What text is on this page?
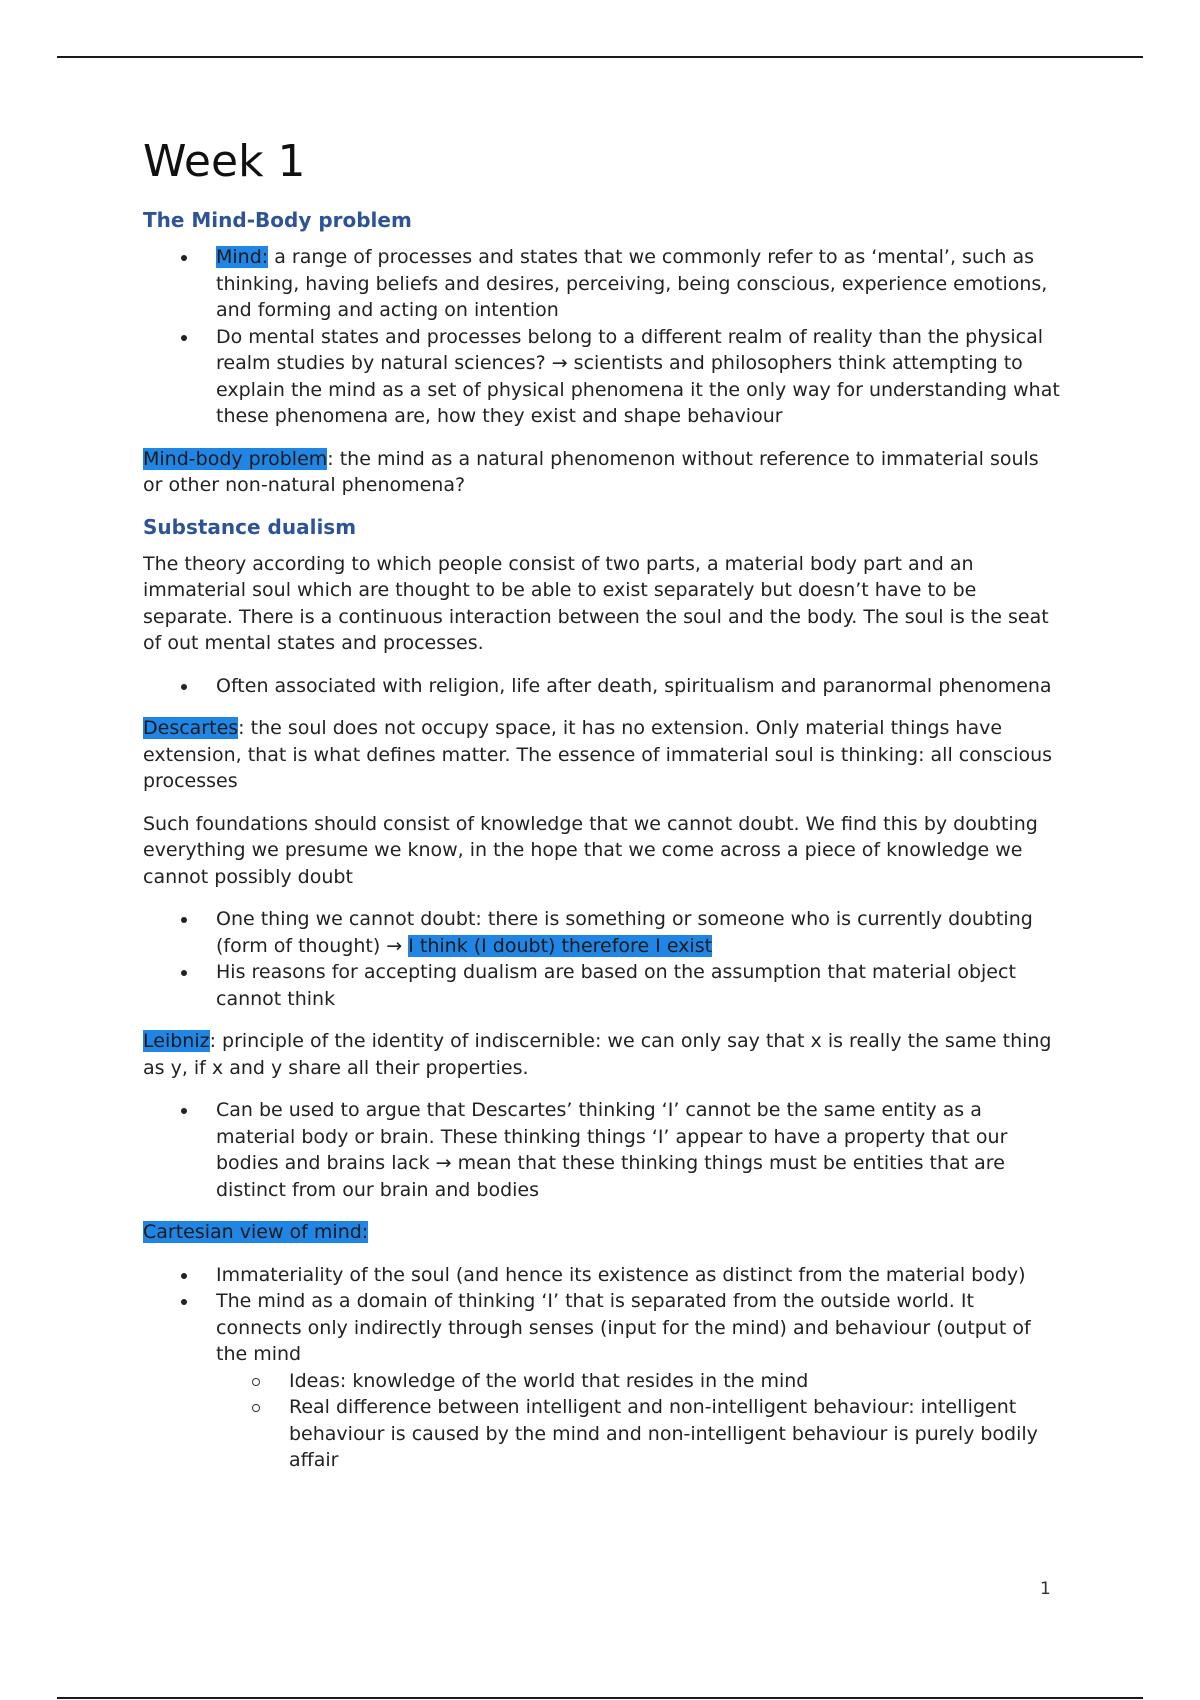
Week 1
The Mind-Body problem
Mind: a range of processes and states that we commonly refer to as ‘mental’, such as thinking, having beliefs and desires, perceiving, being conscious, experience emotions, and forming and acting on intention
Do mental states and processes belong to a different realm of reality than the physical realm studies by natural sciences? → scientists and philosophers think attempting to explain the mind as a set of physical phenomena it the only way for understanding what these phenomena are, how they exist and shape behaviour

Mind-body problem: the mind as a natural phenomenon without reference to immaterial souls or other non-natural phenomena?

Substance dualism

The theory according to which people consist of two parts, a material body part and an immaterial soul which are thought to be able to exist separately but doesn’t have to be separate. There is a continuous interaction between the soul and the body. The soul is the seat of out mental states and processes.

Often associated with religion, life after death, spiritualism and paranormal phenomena

Descartes: the soul does not occupy space, it has no extension. Only material things have extension, that is what defines matter. The essence of immaterial soul is thinking: all conscious processes

Such foundations should consist of knowledge that we cannot doubt. We find this by doubting everything we presume we know, in the hope that we come across a piece of knowledge we cannot possibly doubt

One thing we cannot doubt: there is something or someone who is currently doubting (form of thought) → I think (I doubt) therefore I exist
His reasons for accepting dualism are based on the assumption that material object cannot think

Leibniz: principle of the identity of indiscernible: we can only say that x is really the same thing as y, if x and y share all their properties.

Can be used to argue that Descartes’ thinking ‘I’ cannot be the same entity as a material body or brain. These thinking things ‘I’ appear to have a property that our bodies and brains lack → mean that these thinking things must be entities that are distinct from our brain and bodies

Cartesian view of mind:

Immateriality of the soul (and hence its existence as distinct from the material body)
The mind as a domain of thinking ‘I’ that is separated from the outside world. It connects only indirectly through senses (input for the mind) and behaviour (output of the mind
Ideas: knowledge of the world that resides in the mind
Real difference between intelligent and non-intelligent behaviour: intelligent behaviour is caused by the mind and non-intelligent behaviour is purely bodily affair
1
